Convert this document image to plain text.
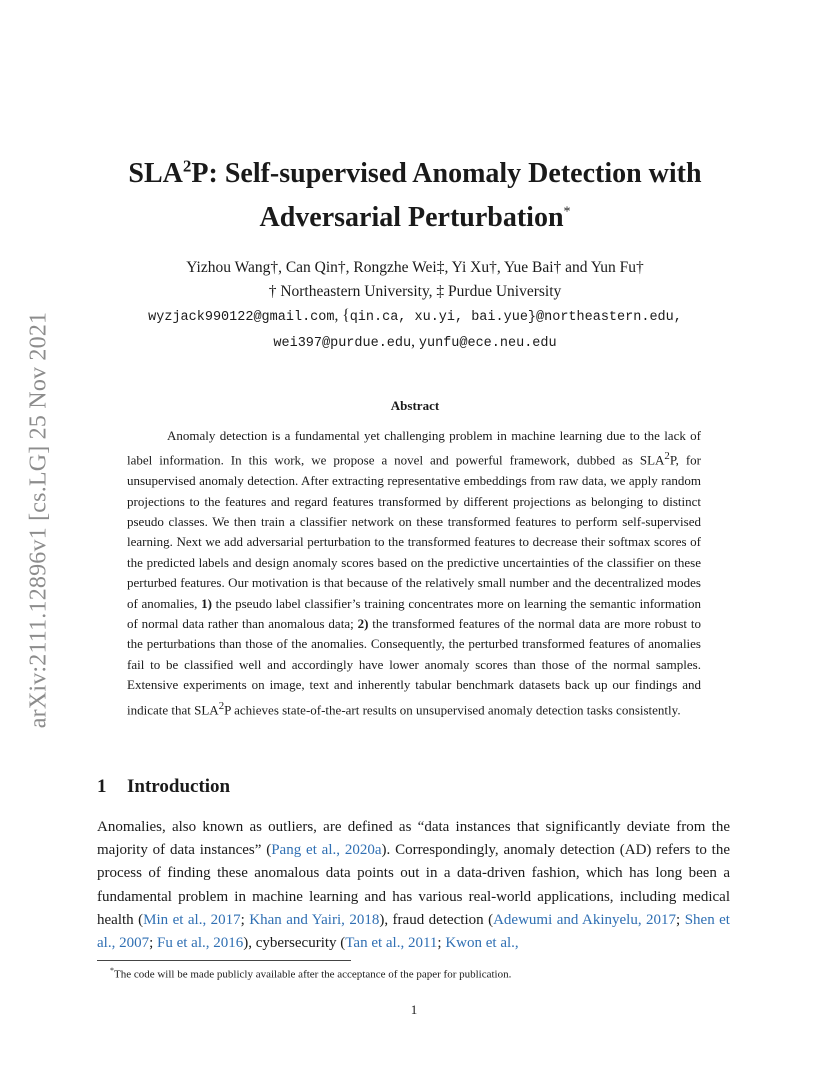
arXiv:2111.12896v1 [cs.LG] 25 Nov 2021
SLA$^2$P: Self-supervised Anomaly Detection with
Adversarial Perturbation*
Yizhou Wang†, Can Qin†, Rongzhe Wei‡, Yi Xu†, Yue Bai† and Yun Fu†
† Northeastern University, ‡ Purdue University
wyzjack990122@gmail.com, {qin.ca, xu.yi, bai.yue}@northeastern.edu,
wei397@purdue.edu, yunfu@ece.neu.edu
Abstract
Anomaly detection is a fundamental yet challenging problem in machine learning due to the lack of label information. In this work, we propose a novel and powerful framework, dubbed as SLA$^2$P, for unsupervised anomaly detection. After extracting representative embeddings from raw data, we apply random projections to the features and regard features transformed by different projections as belonging to distinct pseudo classes. We then train a classifier network on these transformed features to perform self-supervised learning. Next we add adversarial perturbation to the transformed features to decrease their softmax scores of the predicted labels and design anomaly scores based on the predictive uncertainties of the classifier on these perturbed features. Our motivation is that because of the relatively small number and the decentralized modes of anomalies, 1) the pseudo label classifier’s training concentrates more on learning the semantic information of normal data rather than anomalous data; 2) the transformed features of the normal data are more robust to the perturbations than those of the anomalies. Consequently, the perturbed transformed features of anomalies fail to be classified well and accordingly have lower anomaly scores than those of the normal samples. Extensive experiments on image, text and inherently tabular benchmark datasets back up our findings and indicate that SLA$^2$P achieves state-of-the-art results on unsupervised anomaly detection tasks consistently.
1 Introduction
Anomalies, also known as outliers, are defined as “data instances that significantly deviate from the majority of data instances” (Pang et al., 2020a). Correspondingly, anomaly detection (AD) refers to the process of finding these anomalous data points out in a data-driven fashion, which has long been a fundamental problem in machine learning and has various real-world applications, including medical health (Min et al., 2017; Khan and Yairi, 2018), fraud detection (Adewumi and Akinyelu, 2017; Shen et al., 2007; Fu et al., 2016), cybersecurity (Tan et al., 2011; Kwon et al.,
*The code will be made publicly available after the acceptance of the paper for publication.
1
